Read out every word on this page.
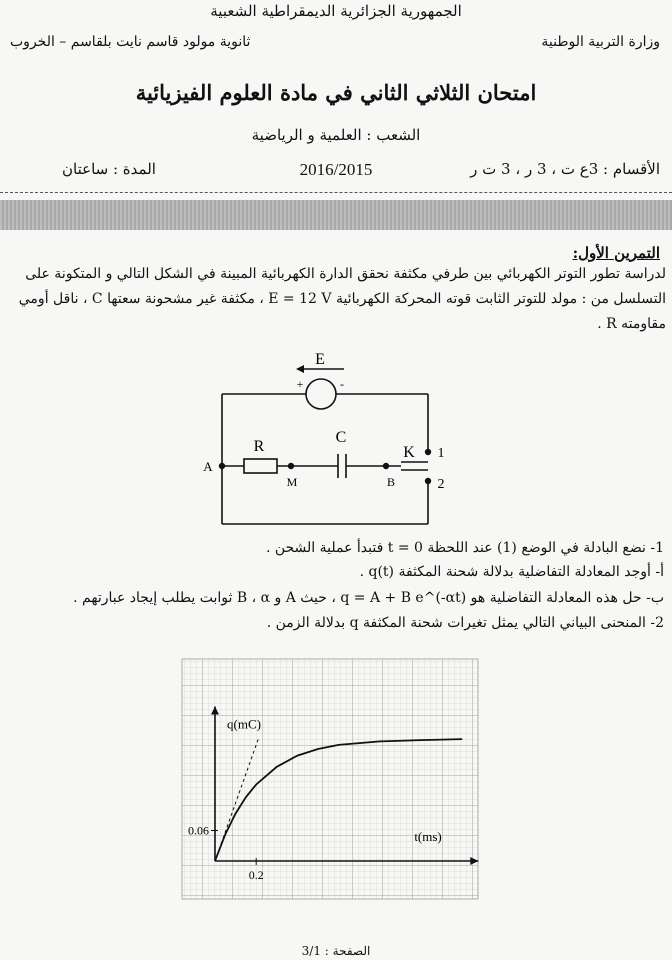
الجمهورية الجزائرية الديمقراطية الشعبية
وزارة التربية الوطنية
ثانوية مولود قاسم نايت بلقاسم – الخروب
امتحان الثلاثي الثاني في مادة العلوم الفيزيائية
الشعب : العلمية و الرياضية
الأقسام : 3ع ت ، 3 ر ، 3 ت ر
2016/2015
المدة : ساعتان
التمرين الأول:
لدراسة تطور التوتر الكهربائي بين طرفي مكثفة نحقق الدارة الكهربائية المبينة في الشكل التالي و المتكونة على
التسلسل من : مولد للتوتر الثابت قوته المحركة الكهربائية E = 12 V ، مكثفة غير مشحونة سعتها C ، ناقل أومي
مقاومته R .
E
+	-
R
C
K
A
M	B
1
2
1- نضع البادلة في الوضع (1) عند اللحظة t = 0 فتبدأ عملية الشحن .
أ- أوجد المعادلة التفاضلية بدلالة شحنة المكثفة q(t) .
ب- حل هذه المعادلة التفاضلية هو q = A + B e^(-αt) ، حيث A و B ، α ثوابت يطلب إيجاد عبارتهم .
2- المنحنى البياني التالي يمثل تغيرات شحنة المكثفة q بدلالة الزمن .
q(mC)
t(ms)
0.06
0.2
الصفحة : 3/1
